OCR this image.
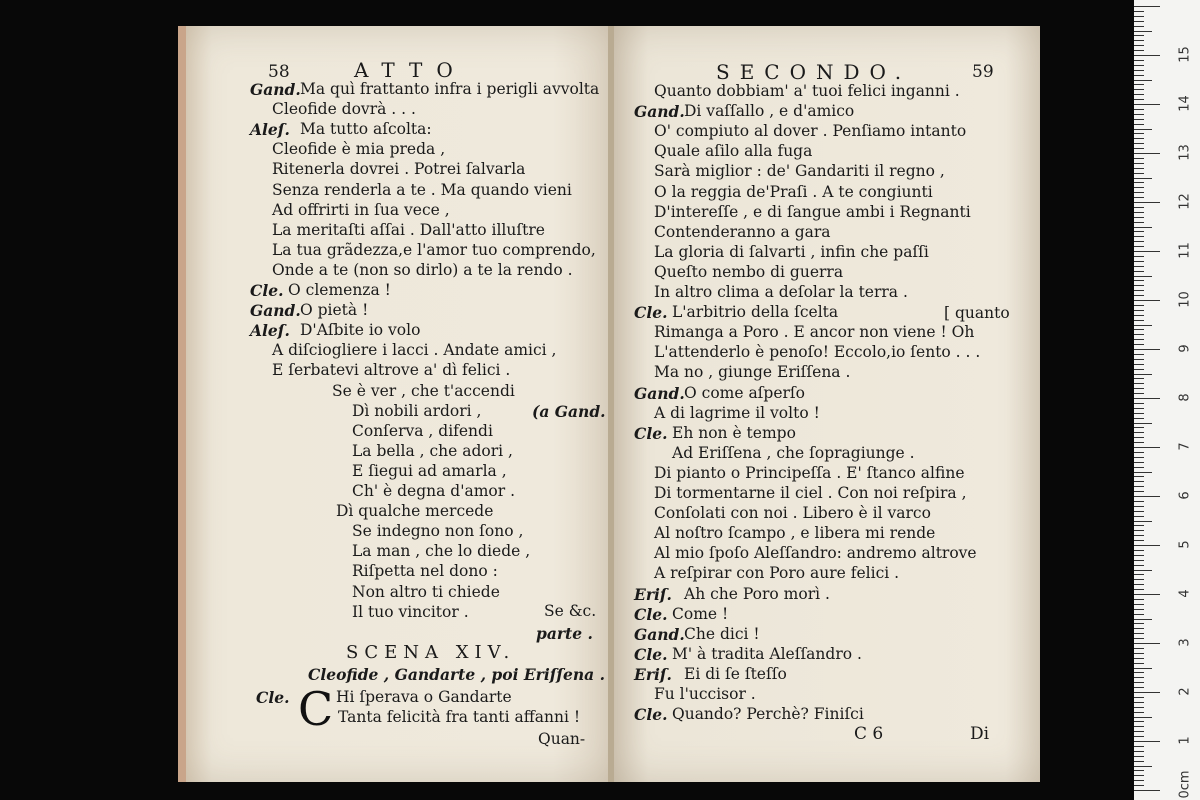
58	ATTO
Gand. Ma quì frattanto infra i perigli avvolta
Cleofide dovrà . . .
Aleſ. Ma tutto aſcolta:
Cleofide è mia preda ,
Ritenerla dovrei . Potrei ſalvarla
Senza renderla a te . Ma quando vieni
Ad offrirti in ſua vece ,
La meritaſti aſſai . Dall'atto illuſtre
La tua grãdezza,e l'amor tuo comprendo,
Onde a te (non so dirlo) a te la rendo .
Cle. O clemenza !
Gand. O pietà !
Aleſ. D'Aſbite io volo
A diſciogliere i lacci . Andate amici ,
E ſerbatevi altrove a' dì felici .
Se è ver , che t'accendi
Dì nobili ardori ,
Conſerva , difendi
La bella , che adori ,
E ſiegui ad amarla ,
Ch' è degna d'amor .
Dì qualche mercede
Se indegno non ſono ,
La man , che lo diede ,
Riſpetta nel dono :
Non altro ti chiede
Il tuo vincitor .
(a Gand.
Se &c.
parte .
SCENA XIV.
Cleofide , Gandarte , poi Eriſſena .
Cle. C Hi ſperava o Gandarte
Tanta felicità fra tanti affanni !
Quan-
SECONDO.	59
Quanto dobbiam' a' tuoi felici inganni .
Gand. Di vaſſallo , e d'amico
O' compiuto al dover . Penſiamo intanto
Quale aſilo alla fuga
Sarà miglior : de' Gandariti il regno ,
O la reggia de'Praſi . A te congiunti
D'intereſſe , e di ſangue ambi i Regnanti
Contenderanno a gara
La gloria di ſalvarti , infin che paſſi
Queſto nembo di guerra
In altro clima a deſolar la terra .
Cle. L'arbitrio della ſcelta
Rimanga a Poro . E ancor non viene ! Oh
L'attenderlo è penoſo! Eccolo,io ſento . . .
Ma no , giunge Eriſſena .
Gand. O come aſperſo
A di lagrime il volto !
Cle. Eh non è tempo
Ad Eriſſena , che ſopragiunge .
Di pianto o Principeſſa . E' ſtanco alfine
Di tormentarne il ciel . Con noi reſpira ,
Conſolati con noi . Libero è il varco
Al noſtro ſcampo , e libera mi rende
Al mio ſpoſo Aleſſandro: andremo altrove
A reſpirar con Poro aure felici .
Eriſ. Ah che Poro morì .
Cle. Come !
Gand. Che dici !
Cle. M' à tradita Aleſſandro .
Eriſ. Ei di ſe ſteſſo
Fu l'uccisor .
Cle. Quando? Perchè? Finiſci
[ quanto
C 6	Di
0cm
1
2
3
4
5
6
7
8
9
10
11
12
13
14
15
